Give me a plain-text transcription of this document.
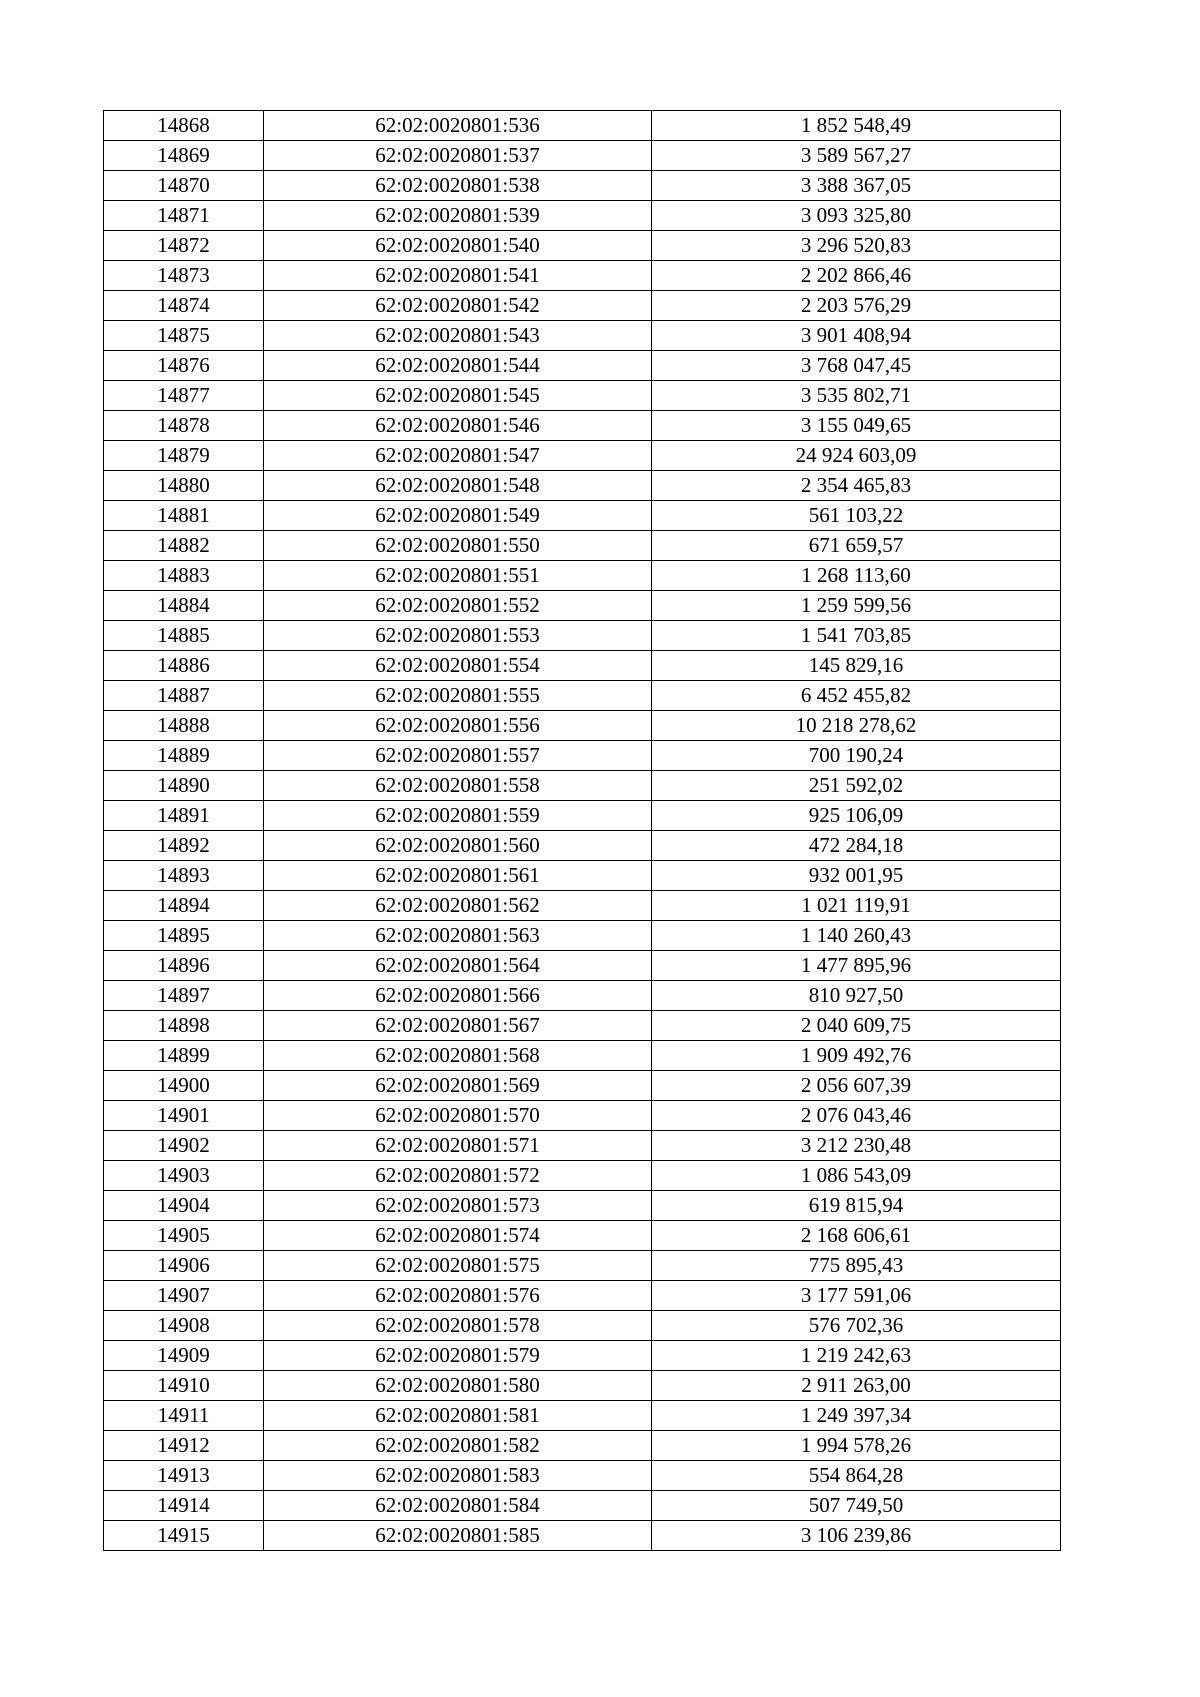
14868	62:02:0020801:536	1 852 548,49
14869	62:02:0020801:537	3 589 567,27
14870	62:02:0020801:538	3 388 367,05
14871	62:02:0020801:539	3 093 325,80
14872	62:02:0020801:540	3 296 520,83
14873	62:02:0020801:541	2 202 866,46
14874	62:02:0020801:542	2 203 576,29
14875	62:02:0020801:543	3 901 408,94
14876	62:02:0020801:544	3 768 047,45
14877	62:02:0020801:545	3 535 802,71
14878	62:02:0020801:546	3 155 049,65
14879	62:02:0020801:547	24 924 603,09
14880	62:02:0020801:548	2 354 465,83
14881	62:02:0020801:549	561 103,22
14882	62:02:0020801:550	671 659,57
14883	62:02:0020801:551	1 268 113,60
14884	62:02:0020801:552	1 259 599,56
14885	62:02:0020801:553	1 541 703,85
14886	62:02:0020801:554	145 829,16
14887	62:02:0020801:555	6 452 455,82
14888	62:02:0020801:556	10 218 278,62
14889	62:02:0020801:557	700 190,24
14890	62:02:0020801:558	251 592,02
14891	62:02:0020801:559	925 106,09
14892	62:02:0020801:560	472 284,18
14893	62:02:0020801:561	932 001,95
14894	62:02:0020801:562	1 021 119,91
14895	62:02:0020801:563	1 140 260,43
14896	62:02:0020801:564	1 477 895,96
14897	62:02:0020801:566	810 927,50
14898	62:02:0020801:567	2 040 609,75
14899	62:02:0020801:568	1 909 492,76
14900	62:02:0020801:569	2 056 607,39
14901	62:02:0020801:570	2 076 043,46
14902	62:02:0020801:571	3 212 230,48
14903	62:02:0020801:572	1 086 543,09
14904	62:02:0020801:573	619 815,94
14905	62:02:0020801:574	2 168 606,61
14906	62:02:0020801:575	775 895,43
14907	62:02:0020801:576	3 177 591,06
14908	62:02:0020801:578	576 702,36
14909	62:02:0020801:579	1 219 242,63
14910	62:02:0020801:580	2 911 263,00
14911	62:02:0020801:581	1 249 397,34
14912	62:02:0020801:582	1 994 578,26
14913	62:02:0020801:583	554 864,28
14914	62:02:0020801:584	507 749,50
14915	62:02:0020801:585	3 106 239,86
